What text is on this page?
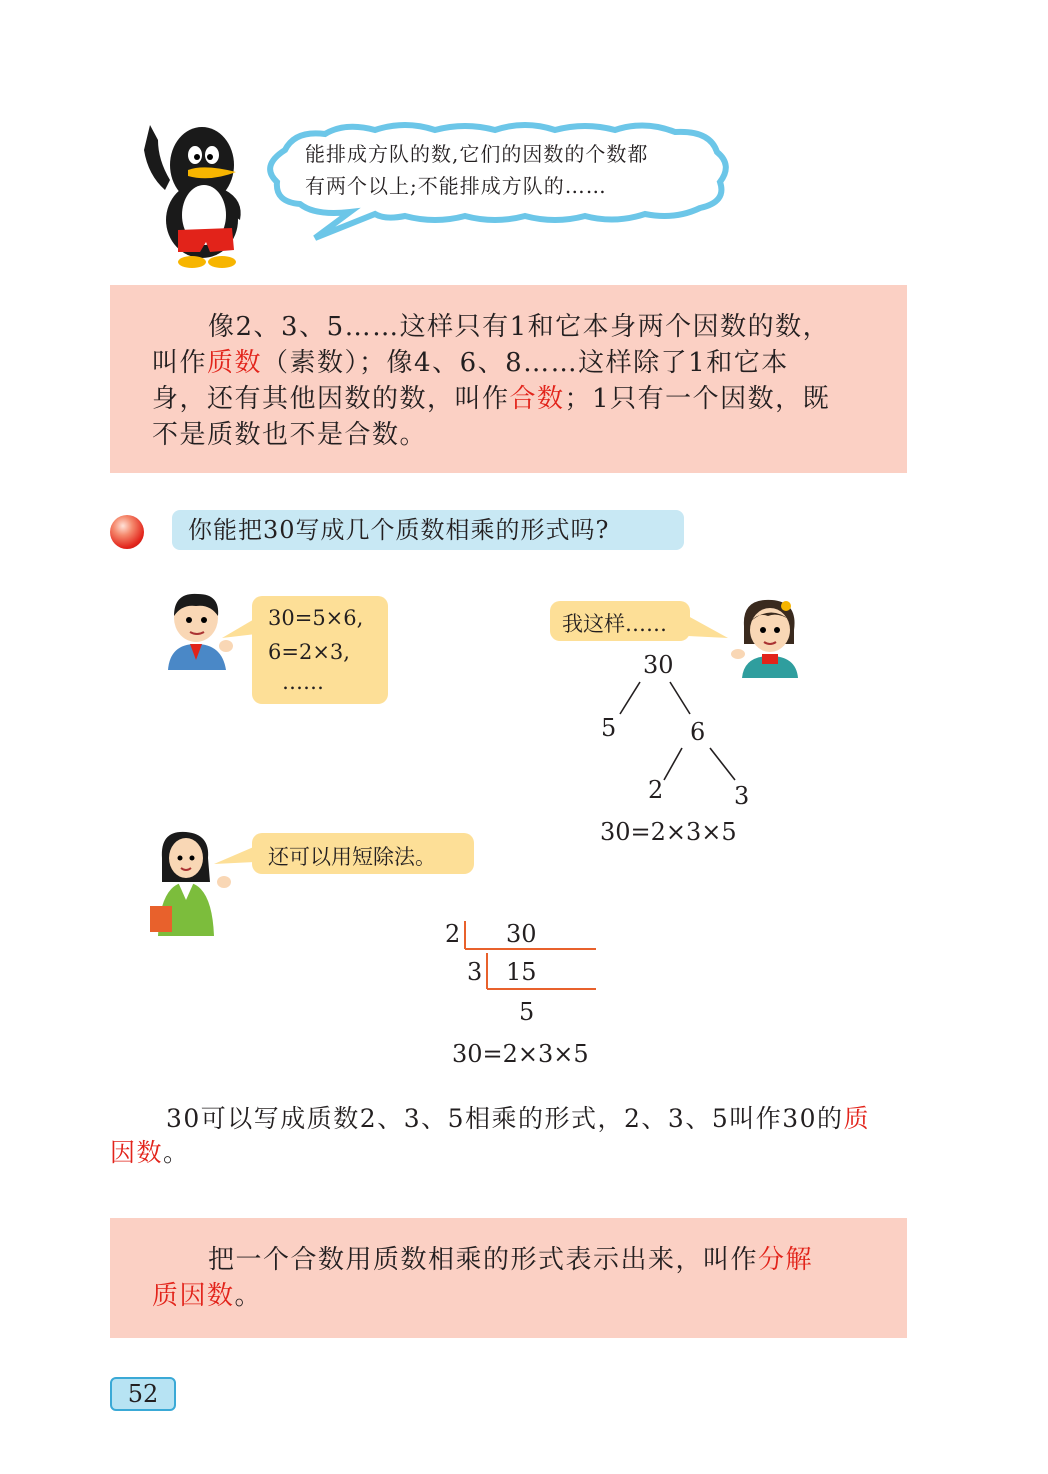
能排成方队的数,它们的因数的个数都
有两个以上;不能排成方队的……
像2、3、5……这样只有1和它本身两个因数的数，
叫作质数（素数）；像4、6、8……这样除了1和它本
身，还有其他因数的数，叫作合数；1只有一个因数，既
不是质数也不是合数。
你能把30写成几个质数相乘的形式吗?
30=5×6,
6=2×3,
……
我这样……
30
5	6
2	3
30=2×3×5
还可以用短除法。
2 30
3 15
5
30=2×3×5
30可以写成质数2、3、5相乘的形式，2、3、5叫作30的质
因数。
把一个合数用质数相乘的形式表示出来，叫作分解
质因数。
52
